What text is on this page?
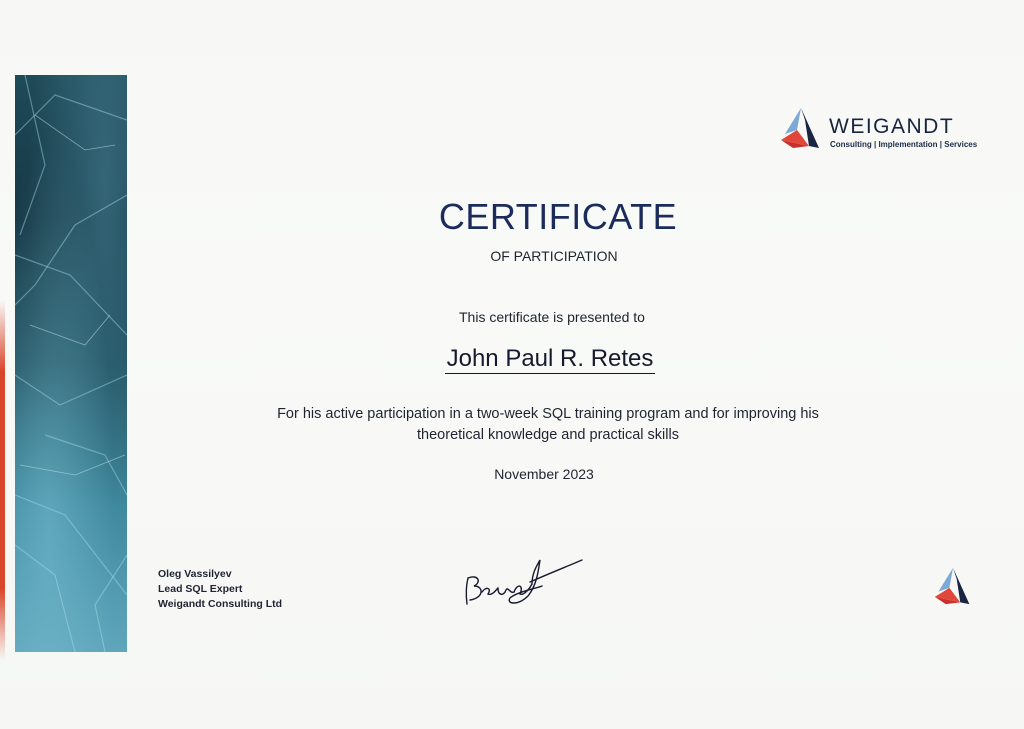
WEIGANDT
Consulting | Implementation | Services
CERTIFICATE
OF PARTICIPATION
This certificate is presented to
John Paul R. Retes
For his active participation in a two-week SQL training program and for improving his
theoretical knowledge and practical skills
November 2023
Oleg Vassilyev
Lead SQL Expert
Weigandt Consulting Ltd
